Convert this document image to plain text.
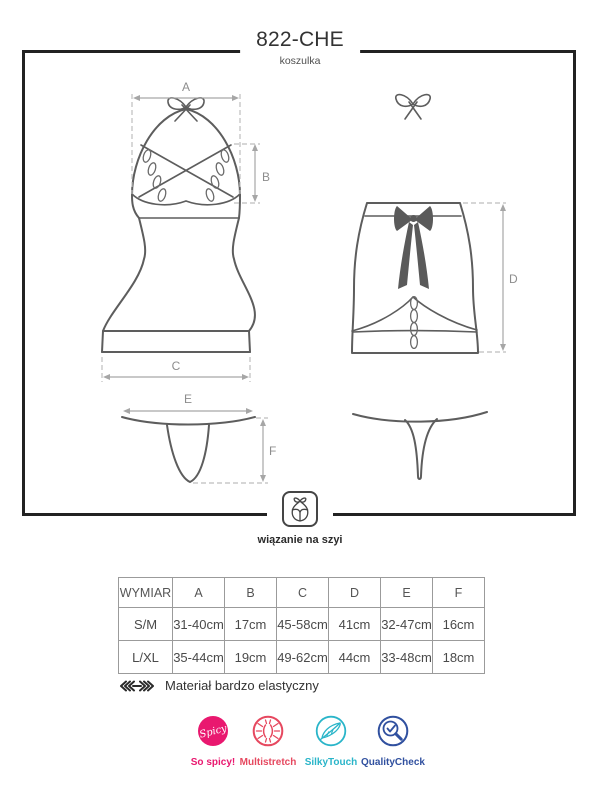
822-CHE
koszulka
A
B
C
D
E
F
wiązanie na szyi
WYMIAR	A	B	C	D	E	F
S/M	31-40cm	17cm	45-58cm	41cm	32-47cm	16cm
L/XL	35-44cm	19cm	49-62cm	44cm	33-48cm	18cm
Materiał bardzo elastyczny
Spicy
So spicy! Multistretch SilkyTouch QualityCheck
